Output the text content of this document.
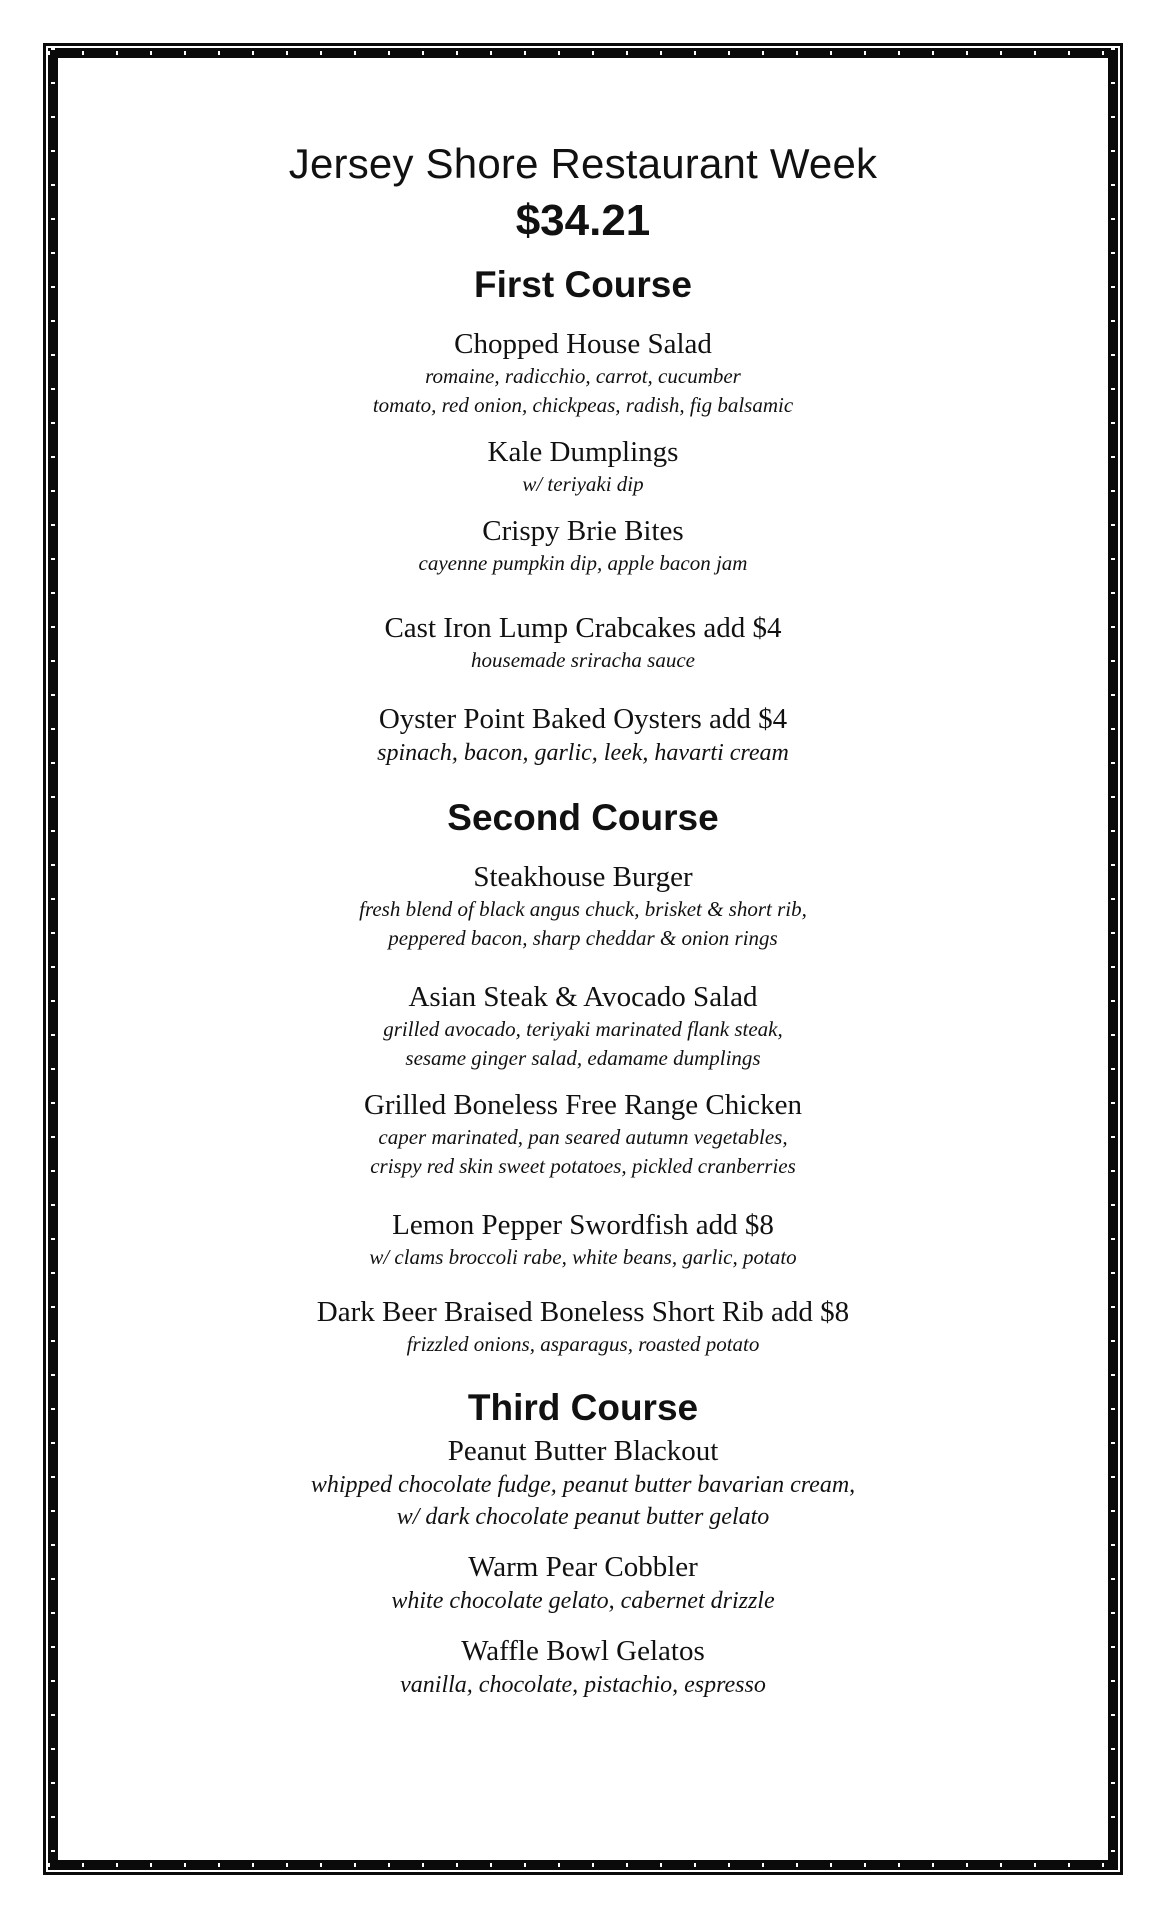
Jersey Shore Restaurant Week
$34.21
First Course
Chopped House Salad
romaine, radicchio, carrot, cucumber
tomato, red onion, chickpeas, radish, fig balsamic
Kale Dumplings
w/ teriyaki dip
Crispy Brie Bites
cayenne pumpkin dip, apple bacon jam
Cast Iron Lump Crabcakes add $4
housemade sriracha sauce
Oyster Point Baked Oysters add $4
spinach, bacon, garlic, leek, havarti cream
Second Course
Steakhouse Burger
fresh blend of black angus chuck, brisket & short rib,
peppered bacon, sharp cheddar & onion rings
Asian Steak & Avocado Salad
grilled avocado, teriyaki marinated flank steak,
sesame ginger salad, edamame dumplings
Grilled Boneless Free Range Chicken
caper marinated, pan seared autumn vegetables,
crispy red skin sweet potatoes, pickled cranberries
Lemon Pepper Swordfish add $8
w/ clams broccoli rabe, white beans, garlic, potato
Dark Beer Braised Boneless Short Rib add $8
frizzled onions, asparagus, roasted potato
Third Course
Peanut Butter Blackout
whipped chocolate fudge, peanut butter bavarian cream,
w/ dark chocolate peanut butter gelato
Warm Pear Cobbler
white chocolate gelato, cabernet drizzle
Waffle Bowl Gelatos
vanilla, chocolate, pistachio, espresso
